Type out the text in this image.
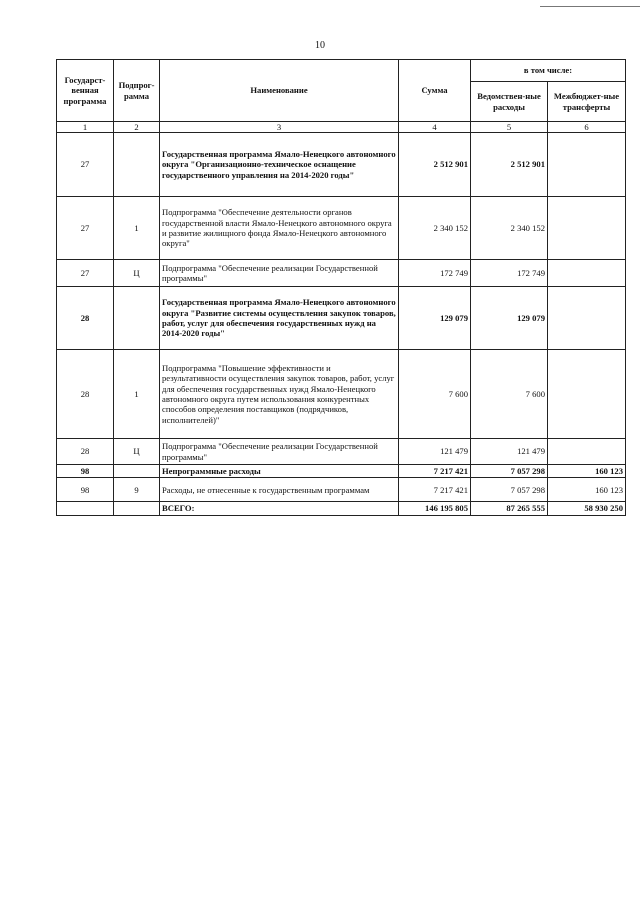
10
Государст-венная программа	Подпрог-рамма	Наименование	Сумма	в том числе:	
				Ведомствен-ные расходы	Межбюджет-ные трансферты
1	2	3	4	5	6
27		Государственная программа Ямало-Ненецкого автономного округа "Организационно-техническое оснащение государственного управления на 2014-2020 годы"	2 512 901	2 512 901	
27	1	Подпрограмма "Обеспечение деятельности органов государственной власти Ямало-Ненецкого автономного округа и развитие жилищного фонда Ямало-Ненецкого автономного округа"	2 340 152	2 340 152	
27	Ц	Подпрограмма "Обеспечение реализации Государственной программы"	172 749	172 749	
28		Государственная программа Ямало-Ненецкого автономного округа "Развитие системы осуществления закупок товаров, работ, услуг для обеспечения государственных нужд на 2014-2020 годы"	129 079	129 079	
28	1	Подпрограмма "Повышение эффективности и результативности осуществления закупок товаров, работ, услуг для обеспечения государственных нужд Ямало-Ненецкого автономного округа путем использования конкурентных способов определения поставщиков (подрядчиков, исполнителей)"	7 600	7 600	
28	Ц	Подпрограмма "Обеспечение реализации Государственной программы"	121 479	121 479	
98		Непрограммные расходы	7 217 421	7 057 298	160 123
98	9	Расходы, не отнесенные к государственным программам	7 217 421	7 057 298	160 123
		ВСЕГО:	146 195 805	87 265 555	58 930 250
